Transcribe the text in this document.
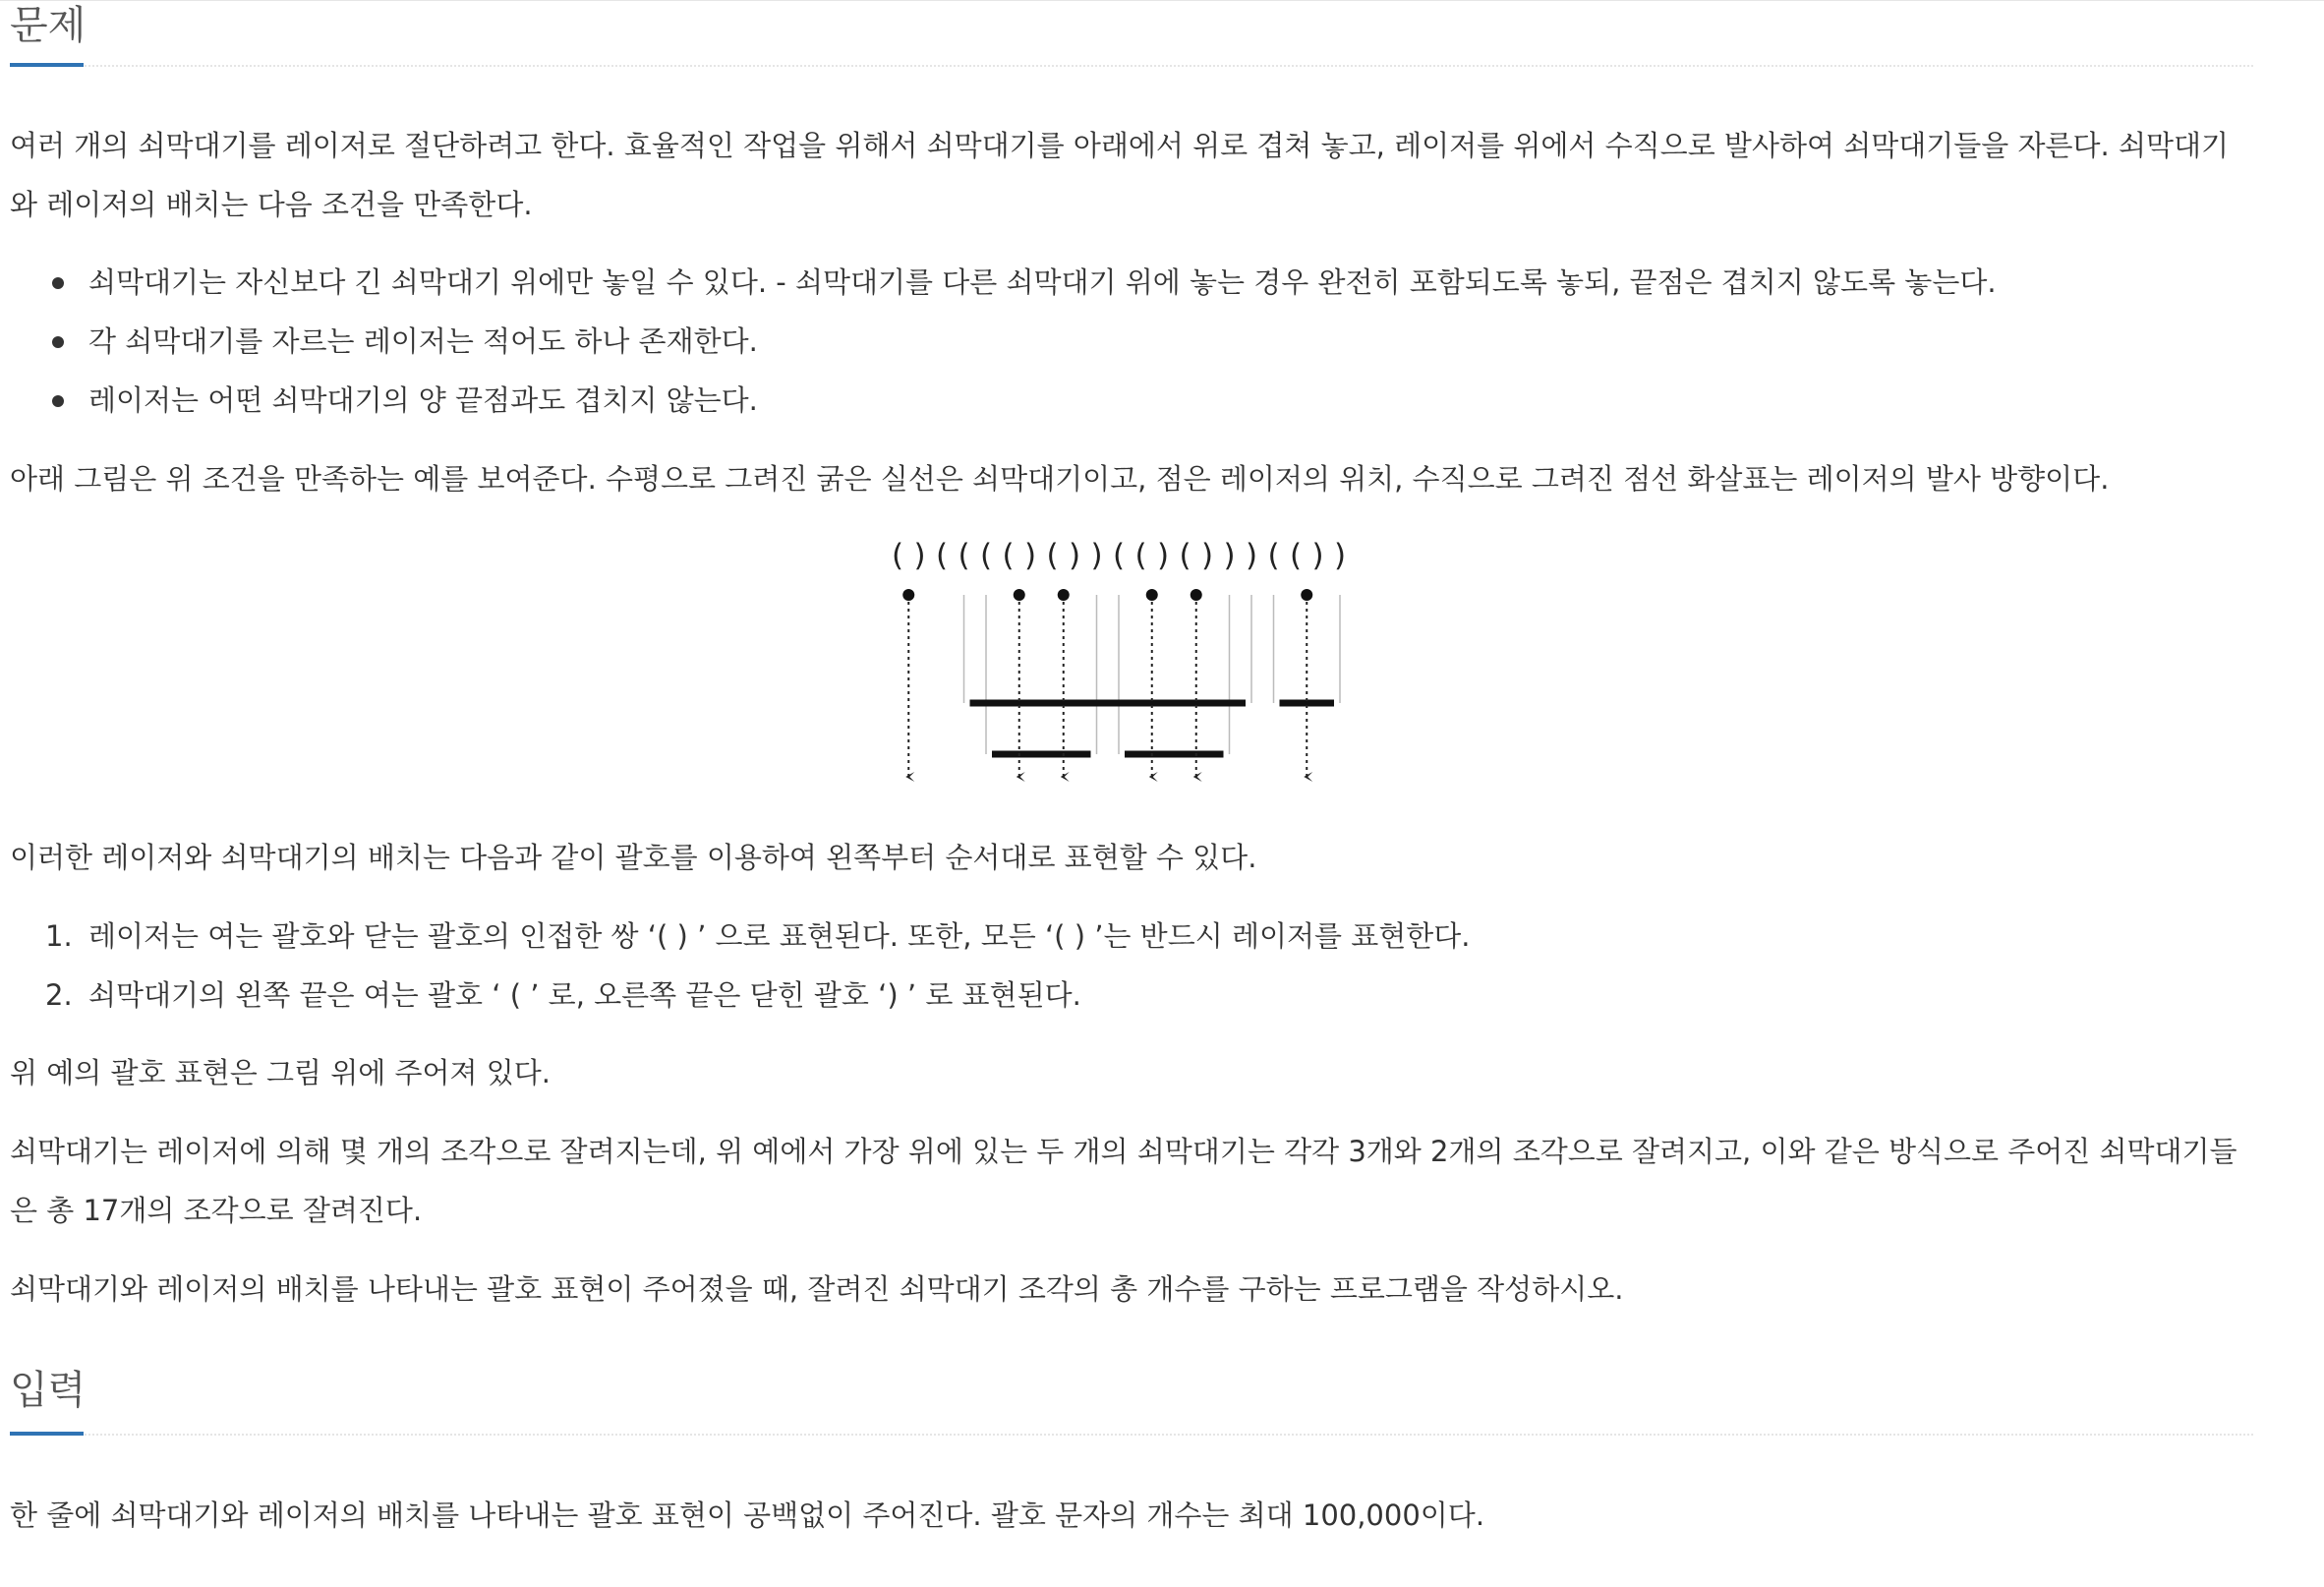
문제

여러 개의 쇠막대기를 레이저로 절단하려고 한다. 효율적인 작업을 위해서 쇠막대기를 아래에서 위로 겹쳐 놓고, 레이저를 위에서 수직으로 발사하여 쇠막대기들을 자른다. 쇠막대기와 레이저의 배치는 다음 조건을 만족한다.

쇠막대기는 자신보다 긴 쇠막대기 위에만 놓일 수 있다. - 쇠막대기를 다른 쇠막대기 위에 놓는 경우 완전히 포함되도록 놓되, 끝점은 겹치지 않도록 놓는다.
각 쇠막대기를 자르는 레이저는 적어도 하나 존재한다.
레이저는 어떤 쇠막대기의 양 끝점과도 겹치지 않는다.

아래 그림은 위 조건을 만족하는 예를 보여준다. 수평으로 그려진 굵은 실선은 쇠막대기이고, 점은 레이저의 위치, 수직으로 그려진 점선 화살표는 레이저의 발사 방향이다.

( ) ( ( ( ( ) ( ) ) ( ( ) ( ) ) ) ( ( ) )

이러한 레이저와 쇠막대기의 배치는 다음과 같이 괄호를 이용하여 왼쪽부터 순서대로 표현할 수 있다.

1. 레이저는 여는 괄호와 닫는 괄호의 인접한 쌍 ‘( ) ’ 으로 표현된다. 또한, 모든 ‘( ) ’는 반드시 레이저를 표현한다.
2. 쇠막대기의 왼쪽 끝은 여는 괄호 ‘ ( ’ 로, 오른쪽 끝은 닫힌 괄호 ‘) ’ 로 표현된다.

위 예의 괄호 표현은 그림 위에 주어져 있다.

쇠막대기는 레이저에 의해 몇 개의 조각으로 잘려지는데, 위 예에서 가장 위에 있는 두 개의 쇠막대기는 각각 3개와 2개의 조각으로 잘려지고, 이와 같은 방식으로 주어진 쇠막대기들은 총 17개의 조각으로 잘려진다.

쇠막대기와 레이저의 배치를 나타내는 괄호 표현이 주어졌을 때, 잘려진 쇠막대기 조각의 총 개수를 구하는 프로그램을 작성하시오.

입력

한 줄에 쇠막대기와 레이저의 배치를 나타내는 괄호 표현이 공백없이 주어진다. 괄호 문자의 개수는 최대 100,000이다.
